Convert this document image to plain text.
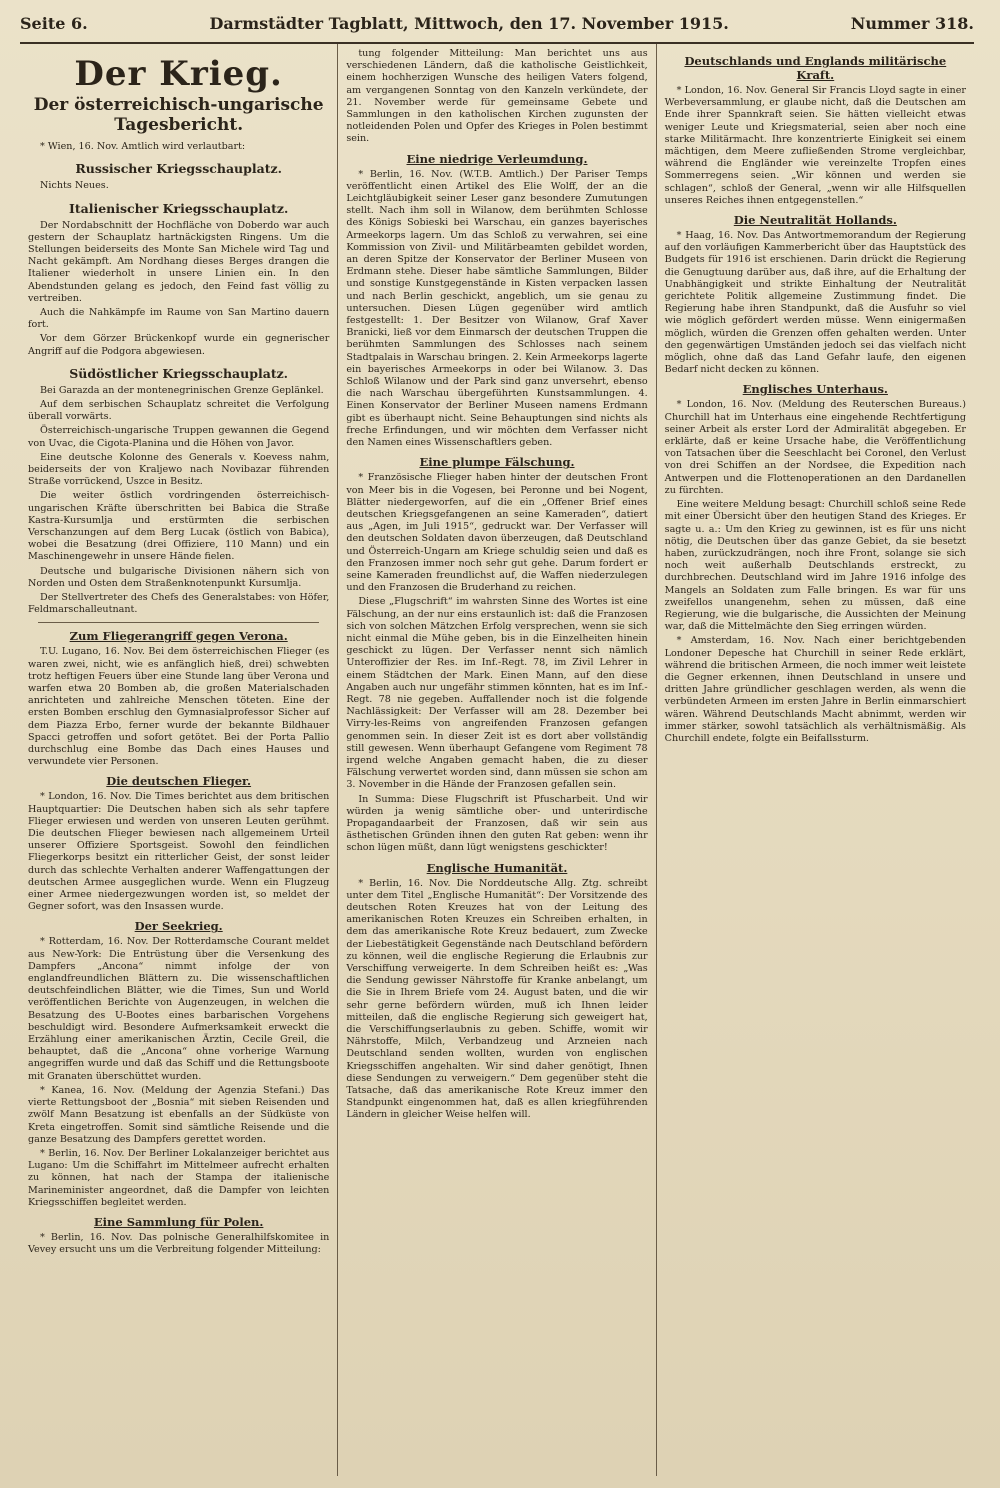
Seite 6.	Darmstädter Tagblatt, Mittwoch, den 17. November 1915.	Nummer 318.
Der Krieg.
Der österreichisch-ungarische Tagesbericht.

* Wien, 16. Nov. Amtlich wird verlautbart:

Russischer Kriegsschauplatz.

Nichts Neues.

Italienischer Kriegsschauplatz.

Der Nordabschnitt der Hochfläche von Doberdo war auch gestern der Schauplatz hartnäckigsten Ringens. Um die Stellungen beiderseits des Monte San Michele wird Tag und Nacht gekämpft. Am Nordhang dieses Berges drangen die Italiener wiederholt in unsere Linien ein. In den Abendstunden gelang es jedoch, den Feind fast völlig zu vertreiben.

Auch die Nahkämpfe im Raume von San Martino dauern fort.

Vor dem Görzer Brückenkopf wurde ein gegnerischer Angriff auf die Podgora abgewiesen.

Südöstlicher Kriegsschauplatz.

Bei Garazda an der montenegrinischen Grenze Geplänkel.

Auf dem serbischen Schauplatz schreitet die Verfolgung überall vorwärts.

Österreichisch-ungarische Truppen gewannen die Gegend von Uvac, die Cigota-Planina und die Höhen von Javor.

Eine deutsche Kolonne des Generals v. Koevess nahm, beiderseits der von Kraljewo nach Novibazar führenden Straße vorrückend, Uszce in Besitz.

Die weiter östlich vordringenden österreichisch-ungarischen Kräfte überschritten bei Babica die Straße Kastra-Kursumlja und erstürmten die serbischen Verschanzungen auf dem Berg Lucak (östlich von Babica), wobei die Besatzung (drei Offiziere, 110 Mann) und ein Maschinengewehr in unsere Hände fielen.

Deutsche und bulgarische Divisionen nähern sich von Norden und Osten dem Straßenknotenpunkt Kursumlja.

Der Stellvertreter des Chefs des Generalstabes: von Höfer, Feldmarschalleutnant.

Zum Fliegerangriff gegen Verona.

T.U. Lugano, 16. Nov. Bei dem österreichischen Flieger (es waren zwei, nicht, wie es anfänglich hieß, drei) schwebten trotz heftigen Feuers über eine Stunde lang über Verona und warfen etwa 20 Bomben ab, die großen Materialschaden anrichteten und zahlreiche Menschen töteten. Eine der ersten Bomben erschlug den Gymnasialprofessor Sicher auf dem Piazza Erbo, ferner wurde der bekannte Bildhauer Spacci getroffen und sofort getötet. Bei der Porta Pallio durchschlug eine Bombe das Dach eines Hauses und verwundete vier Personen.

Die deutschen Flieger.

* London, 16. Nov. Die Times berichtet aus dem britischen Hauptquartier: Die Deutschen haben sich als sehr tapfere Flieger erwiesen und werden von unseren Leuten gerühmt. Die deutschen Flieger bewiesen nach allgemeinem Urteil unserer Offiziere Sportsgeist. Sowohl den feindlichen Fliegerkorps besitzt ein ritterlicher Geist, der sonst leider durch das schlechte Verhalten anderer Waffengattungen der deutschen Armee ausgeglichen wurde. Wenn ein Flugzeug einer Armee niedergezwungen worden ist, so meldet der Gegner sofort, was den Insassen wurde.

Der Seekrieg.

* Rotterdam, 16. Nov. Der Rotterdamsche Courant meldet aus New-York: Die Entrüstung über die Versenkung des Dampfers „Ancona“ nimmt infolge der von englandfreundlichen Blättern zu. Die wissenschaftlichen deutschfeindlichen Blätter, wie die Times, Sun und World veröffentlichen Berichte von Augenzeugen, in welchen die Besatzung des U-Bootes eines barbarischen Vorgehens beschuldigt wird. Besondere Aufmerksamkeit erweckt die Erzählung einer amerikanischen Ärztin, Cecile Greil, die behauptet, daß die „Ancona“ ohne vorherige Warnung angegriffen wurde und daß das Schiff und die Rettungsboote mit Granaten überschüttet wurden.

* Kanea, 16. Nov. (Meldung der Agenzia Stefani.) Das vierte Rettungsboot der „Bosnia“ mit sieben Reisenden und zwölf Mann Besatzung ist ebenfalls an der Südküste von Kreta eingetroffen. Somit sind sämtliche Reisende und die ganze Besatzung des Dampfers gerettet worden.

* Berlin, 16. Nov. Der Berliner Lokalanzeiger berichtet aus Lugano: Um die Schiffahrt im Mittelmeer aufrecht erhalten zu können, hat nach der Stampa der italienische Marineminister angeordnet, daß die Dampfer von leichten Kriegsschiffen begleitet werden.

Eine Sammlung für Polen.

* Berlin, 16. Nov. Das polnische Generalhilfskomitee in Vevey ersucht uns um die Verbreitung folgender Mitteilung:

tung folgender Mitteilung: Man berichtet uns aus verschiedenen Ländern, daß die katholische Geistlichkeit, einem hochherzigen Wunsche des heiligen Vaters folgend, am vergangenen Sonntag von den Kanzeln verkündete, der 21. November werde für gemeinsame Gebete und Sammlungen in den katholischen Kirchen zugunsten der notleidenden Polen und Opfer des Krieges in Polen bestimmt sein.

Eine niedrige Verleumdung.

* Berlin, 16. Nov. (W.T.B. Amtlich.) Der Pariser Temps veröffentlicht einen Artikel des Elie Wolff, der an die Leichtgläubigkeit seiner Leser ganz besondere Zumutungen stellt. Nach ihm soll in Wilanow, dem berühmten Schlosse des Königs Sobieski bei Warschau, ein ganzes bayerisches Armeekorps lagern. Um das Schloß zu verwahren, sei eine Kommission von Zivil- und Militärbeamten gebildet worden, an deren Spitze der Konservator der Berliner Museen von Erdmann stehe. Dieser habe sämtliche Sammlungen, Bilder und sonstige Kunstgegenstände in Kisten verpacken lassen und nach Berlin geschickt, angeblich, um sie genau zu untersuchen. Diesen Lügen gegenüber wird amtlich festgestellt: 1. Der Besitzer von Wilanow, Graf Xaver Branicki, ließ vor dem Einmarsch der deutschen Truppen die berühmten Sammlungen des Schlosses nach seinem Stadtpalais in Warschau bringen. 2. Kein Armeekorps lagerte ein bayerisches Armeekorps in oder bei Wilanow. 3. Das Schloß Wilanow und der Park sind ganz unversehrt, ebenso die nach Warschau übergeführten Kunstsammlungen. 4. Einen Konservator der Berliner Museen namens Erdmann gibt es überhaupt nicht. Seine Behauptungen sind nichts als freche Erfindungen, und wir möchten dem Verfasser nicht den Namen eines Wissenschaftlers geben.

Eine plumpe Fälschung.

* Französische Flieger haben hinter der deutschen Front von Meer bis in die Vogesen, bei Peronne und bei Nogent, Blätter niedergeworfen, auf die ein „Offener Brief eines deutschen Kriegsgefangenen an seine Kameraden“, datiert aus „Agen, im Juli 1915“, gedruckt war. Der Verfasser will den deutschen Soldaten davon überzeugen, daß Deutschland und Österreich-Ungarn am Kriege schuldig seien und daß es den Franzosen immer noch sehr gut gehe. Darum fordert er seine Kameraden freundlichst auf, die Waffen niederzulegen und den Franzosen die Bruderhand zu reichen.

Diese „Flugschrift“ im wahrsten Sinne des Wortes ist eine Fälschung, an der nur eins erstaunlich ist: daß die Franzosen sich von solchen Mätzchen Erfolg versprechen, wenn sie sich nicht einmal die Mühe geben, bis in die Einzelheiten hinein geschickt zu lügen. Der Verfasser nennt sich nämlich Unteroffizier der Res. im Inf.-Regt. 78, im Zivil Lehrer in einem Städtchen der Mark. Einen Mann, auf den diese Angaben auch nur ungefähr stimmen könnten, hat es im Inf.-Regt. 78 nie gegeben. Auffallender noch ist die folgende Nachlässigkeit: Der Verfasser will am 28. Dezember bei Virry-les-Reims von angreifenden Franzosen gefangen genommen sein. In dieser Zeit ist es dort aber vollständig still gewesen. Wenn überhaupt Gefangene vom Regiment 78 irgend welche Angaben gemacht haben, die zu dieser Fälschung verwertet worden sind, dann müssen sie schon am 3. November in die Hände der Franzosen gefallen sein.

In Summa: Diese Flugschrift ist Pfuscharbeit. Und wir würden ja wenig sämtliche ober- und unterirdische Propagandaarbeit der Franzosen, daß wir sein aus ästhetischen Gründen ihnen den guten Rat geben: wenn ihr schon lügen müßt, dann lügt wenigstens geschickter!

Englische Humanität.

* Berlin, 16. Nov. Die Norddeutsche Allg. Ztg. schreibt unter dem Titel „Englische Humanität“: Der Vorsitzende des deutschen Roten Kreuzes hat von der Leitung des amerikanischen Roten Kreuzes ein Schreiben erhalten, in dem das amerikanische Rote Kreuz bedauert, zum Zwecke der Liebestätigkeit Gegenstände nach Deutschland befördern zu können, weil die englische Regierung die Erlaubnis zur Verschiffung verweigerte. In dem Schreiben heißt es: „Was die Sendung gewisser Nährstoffe für Kranke anbelangt, um die Sie in Ihrem Briefe vom 24. August baten, und die wir sehr gerne befördern würden, muß ich Ihnen leider mitteilen, daß die englische Regierung sich geweigert hat, die Verschiffungserlaubnis zu geben. Schiffe, womit wir Nährstoffe, Milch, Verbandzeug und Arzneien nach Deutschland senden wollten, wurden von englischen Kriegsschiffen angehalten. Wir sind daher genötigt, Ihnen diese Sendungen zu verweigern.“ Dem gegenüber steht die Tatsache, daß das amerikanische Rote Kreuz immer den Standpunkt eingenommen hat, daß es allen kriegführenden Ländern in gleicher Weise helfen will.

Deutschlands und Englands militärische Kraft.

* London, 16. Nov. General Sir Francis Lloyd sagte in einer Werbeversammlung, er glaube nicht, daß die Deutschen am Ende ihrer Spannkraft seien. Sie hätten vielleicht etwas weniger Leute und Kriegsmaterial, seien aber noch eine starke Militärmacht. Ihre konzentrierte Einigkeit sei einem mächtigen, dem Meere zufließenden Strome vergleichbar, während die Engländer wie vereinzelte Tropfen eines Sommerregens seien. „Wir können und werden sie schlagen“, schloß der General, „wenn wir alle Hilfsquellen unseres Reiches ihnen entgegenstellen.“

Die Neutralität Hollands.

* Haag, 16. Nov. Das Antwortmemorandum der Regierung auf den vorläufigen Kammerbericht über das Hauptstück des Budgets für 1916 ist erschienen. Darin drückt die Regierung die Genugtuung darüber aus, daß ihre, auf die Erhaltung der Unabhängigkeit und strikte Einhaltung der Neutralität gerichtete Politik allgemeine Zustimmung findet. Die Regierung habe ihren Standpunkt, daß die Ausfuhr so viel wie möglich gefördert werden müsse. Wenn einigermaßen möglich, würden die Grenzen offen gehalten werden. Unter den gegenwärtigen Umständen jedoch sei das vielfach nicht möglich, ohne daß das Land Gefahr laufe, den eigenen Bedarf nicht decken zu können.

Englisches Unterhaus.

* London, 16. Nov. (Meldung des Reuterschen Bureaus.) Churchill hat im Unterhaus eine eingehende Rechtfertigung seiner Arbeit als erster Lord der Admiralität abgegeben. Er erklärte, daß er keine Ursache habe, die Veröffentlichung von Tatsachen über die Seeschlacht bei Coronel, den Verlust von drei Schiffen an der Nordsee, die Expedition nach Antwerpen und die Flottenoperationen an den Dardanellen zu fürchten.

Eine weitere Meldung besagt: Churchill schloß seine Rede mit einer Übersicht über den heutigen Stand des Krieges. Er sagte u. a.: Um den Krieg zu gewinnen, ist es für uns nicht nötig, die Deutschen über das ganze Gebiet, da sie besetzt haben, zurückzudrängen, noch ihre Front, solange sie sich noch weit außerhalb Deutschlands erstreckt, zu durchbrechen. Deutschland wird im Jahre 1916 infolge des Mangels an Soldaten zum Falle bringen. Es war für uns zweifellos unangenehm, sehen zu müssen, daß eine Regierung, wie die bulgarische, die Aussichten der Meinung war, daß die Mittelmächte den Sieg erringen würden.

* Amsterdam, 16. Nov. Nach einer berichtgebenden Londoner Depesche hat Churchill in seiner Rede erklärt, während die britischen Armeen, die noch immer weit leistete die Gegner erkennen, ihnen Deutschland in unsere und dritten Jahre gründlicher geschlagen werden, als wenn die verbündeten Armeen im ersten Jahre in Berlin einmarschiert wären. Während Deutschlands Macht abnimmt, werden wir immer stärker, sowohl tatsächlich als verhältnismäßig. Als Churchill endete, folgte ein Beifallssturm.
